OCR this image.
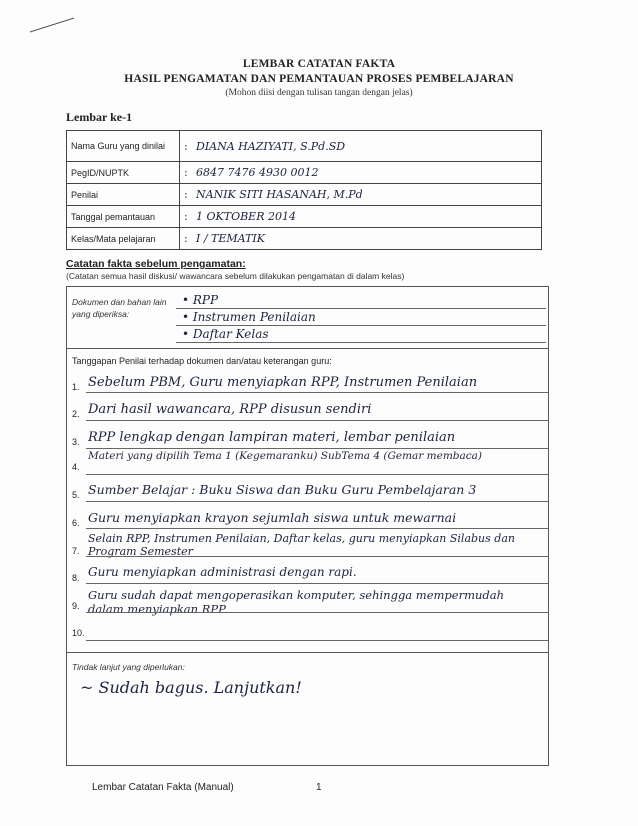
LEMBAR CATATAN FAKTA
HASIL PENGAMATAN DAN PEMANTAUAN PROSES PEMBELAJARAN
(Mohon diisi dengan tulisan tangan dengan jelas)
Lembar ke-1
Nama Guru yang dinilai	: DIANA HAZIYATI, S.Pd.SD
PegID/NUPTK	: 6847 7476 4930 0012
Penilai	: NANIK SITI HASANAH, M.Pd
Tanggal pemantauan	: 1 OKTOBER 2014
Kelas/Mata pelajaran	: I / TEMATIK
Catatan fakta sebelum pengamatan:
(Catatan semua hasil diskusi/ wawancara sebelum dilakukan pengamatan di dalam kelas)
Dokumen dan bahan lain yang diperiksa:
• RPP
• Instrumen Penilaian
• Daftar Kelas
Tanggapan Penilai terhadap dokumen dan/atau keterangan guru:
1. Sebelum PBM, Guru menyiapkan RPP, Instrumen Penilaian
2. Dari hasil wawancara, RPP disusun sendiri
3. RPP lengkap dengan lampiran materi, lembar penilaian
4.
Materi yang dipilih Tema 1 (Kegemaranku) SubTema 4 (Gemar membaca)
5. Sumber Belajar : Buku Siswa dan Buku Guru Pembelajaran 3
6. Guru menyiapkan krayon sejumlah siswa untuk mewarnai
7.
Selain RPP, Instrumen Penilaian, Daftar kelas, guru menyiapkan Silabus dan Program Semester
8. Guru menyiapkan administrasi dengan rapi.
9.
Guru sudah dapat mengoperasikan komputer, sehingga mempermudah dalam menyiapkan RPP
10.
Tindak lanjut yang diperlukan:
~ Sudah bagus. Lanjutkan!
Lembar Catatan Fakta (Manual)	1
